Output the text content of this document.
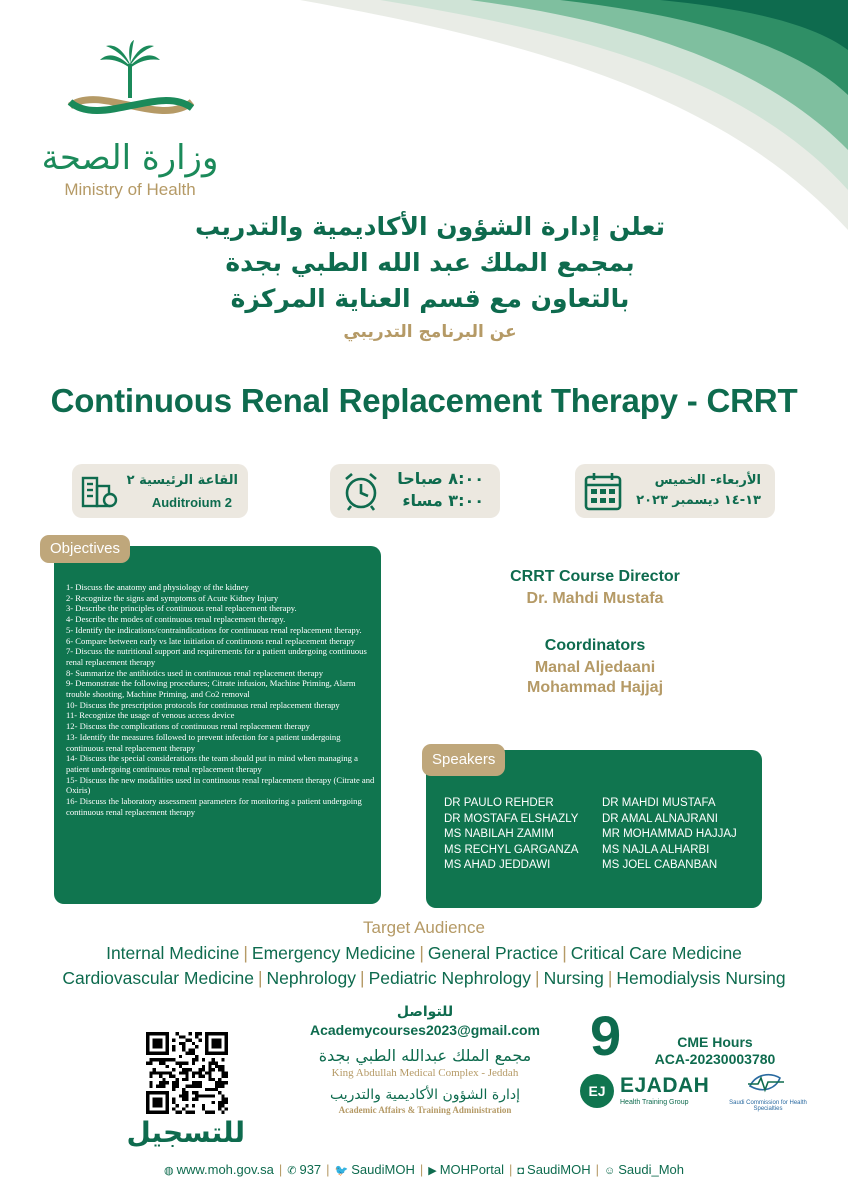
وزارة الصحة
Ministry of Health
تعلن إدارة الشؤون الأكاديمية والتدريب
بمجمع الملك عبد الله الطبي بجدة
بالتعاون مع قسم العناية المركزة
عن البرنامج التدريبي
Continuous Renal Replacement Therapy - CRRT
القاعة الرئيسية ٢
Auditroium 2
٨:٠٠ صباحا
٣:٠٠ مساء
الأربعاء- الخميس
١٣-١٤ ديسمبر ٢٠٢٣
Objectives
1- Discuss the anatomy and physiology of the kidney
2- Recognize the signs and symptoms of Acute Kidney Injury
3- Describe the principles of continuous renal replacement therapy.
4- Describe the modes of continuous renal replacement therapy.
5- Identify the indications/contraindications for continuous renal replacement therapy.
6- Compare between early vs late initiation of continnons renal replacement therapy
7- Discuss the nutritional support and requirements for a patient undergoing continuous renal replacement therapy
8- Summarize the antibiotics used in continuous renal replacement therapy
9- Demonstrate the following procedures; Citrate infusion, Machine Priming, Alarm trouble shooting, Machine Priming, and Co2 removal
10- Discuss the prescription protocols for continuous renal replacement therapy
11- Recognize the usage of venous access device
12- Discuss the complications of continuous renal replacement therapy
13- Identify the measures followed to prevent infection for a patient undergoing continuous renal replacement therapy
14- Discuss the special considerations the team should put in mind when managing a patient undergoing continuous renal replacement therapy
15- Discuss the new modalities used in continuous renal replacement therapy (Citrate and Oxiris)
16- Discuss the laboratory assessment parameters for monitoring a patient undergoing continuous renal replacement therapy
CRRT Course Director
Dr. Mahdi Mustafa
Coordinators
Manal Aljedaani
Mohammad Hajjaj
Speakers
DR PAULO REHDER
DR MOSTAFA ELSHAZLY
MS NABILAH ZAMIM
MS RECHYL GARGANZA
MS AHAD JEDDAWI
DR MAHDI MUSTAFA
DR AMAL ALNAJRANI
MR MOHAMMAD HAJJAJ
MS NAJLA ALHARBI
MS JOEL CABANBAN
Target Audience
Internal Medicine | Emergency Medicine | General Practice | Critical Care Medicine
Cardiovascular Medicine | Nephrology | Pediatric Nephrology | Nursing | Hemodialysis Nursing
للتسجيل
للتواصل
Academycourses2023@gmail.com
مجمع الملك عبدالله الطبي بجدة
King Abdullah Medical Complex - Jeddah
إدارة الشؤون الأكاديمية والتدريب
Academic Affairs & Training Administration
9	CME Hours
ACA-20230003780
EJ EJADAH
Health Training Group	Saudi Commission for Health Specialties
◍ www.moh.gov.sa | ✆ 937 | 🐦 SaudiMOH | ▶ MOHPortal | ◘ SaudiMOH | ☺ Saudi_Moh
